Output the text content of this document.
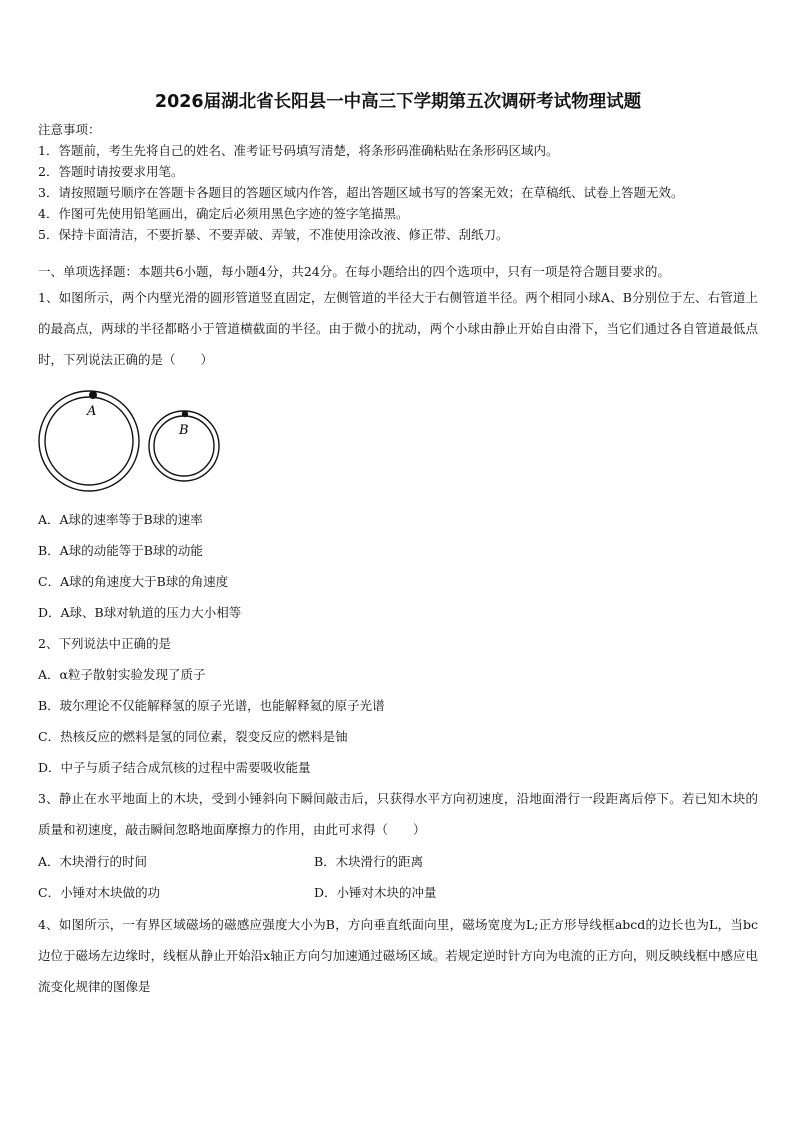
2026届湖北省长阳县一中高三下学期第五次调研考试物理试题
注意事项：
1．答题前，考生先将自己的姓名、准考证号码填写清楚，将条形码准确粘贴在条形码区域内。
2．答题时请按要求用笔。
3．请按照题号顺序在答题卡各题目的答题区域内作答，超出答题区域书写的答案无效；在草稿纸、试卷上答题无效。
4．作图可先使用铅笔画出，确定后必须用黑色字迹的签字笔描黑。
5．保持卡面清洁，不要折暴、不要弄破、弄皱，不准使用涂改液、修正带、刮纸刀。
一、单项选择题：本题共6小题，每小题4分，共24分。在每小题给出的四个选项中，只有一项是符合题目要求的。

1、如图所示，两个内壁光滑的圆形管道竖直固定，左侧管道的半径大于右侧管道半径。两个相同小球A、B分别位于左、右管道上的最高点，两球的半径都略小于管道横截面的半径。由于微小的扰动，两个小球由静止开始自由滑下，当它们通过各自管道最低点时，下列说法正确的是（　　）

A
B
A．A球的速率等于B球的速率
B．A球的动能等于B球的动能
C．A球的角速度大于B球的角速度
D．A球、B球对轨道的压力大小相等
2、下列说法中正确的是
A．α粒子散射实验发现了质子
B．玻尔理论不仅能解释氢的原子光谱，也能解释氦的原子光谱
C．热核反应的燃料是氢的同位素，裂变反应的燃料是铀
D．中子与质子结合成氘核的过程中需要吸收能量

3、静止在水平地面上的木块，受到小锤斜向下瞬间敲击后，只获得水平方向初速度，沿地面滑行一段距离后停下。若已知木块的质量和初速度，敲击瞬间忽略地面摩擦力的作用，由此可求得（　　）

A．木块滑行的时间	B．木块滑行的距离
C．小锤对木块做的功	D．小锤对木块的冲量

4、如图所示，一有界区域磁场的磁感应强度大小为B，方向垂直纸面向里，磁场宽度为L;正方形导线框abcd的边长也为L，当bc边位于磁场左边缘时，线框从静止开始沿x轴正方向匀加速通过磁场区域。若规定逆时针方向为电流的正方向，则反映线框中感应电流变化规律的图像是
